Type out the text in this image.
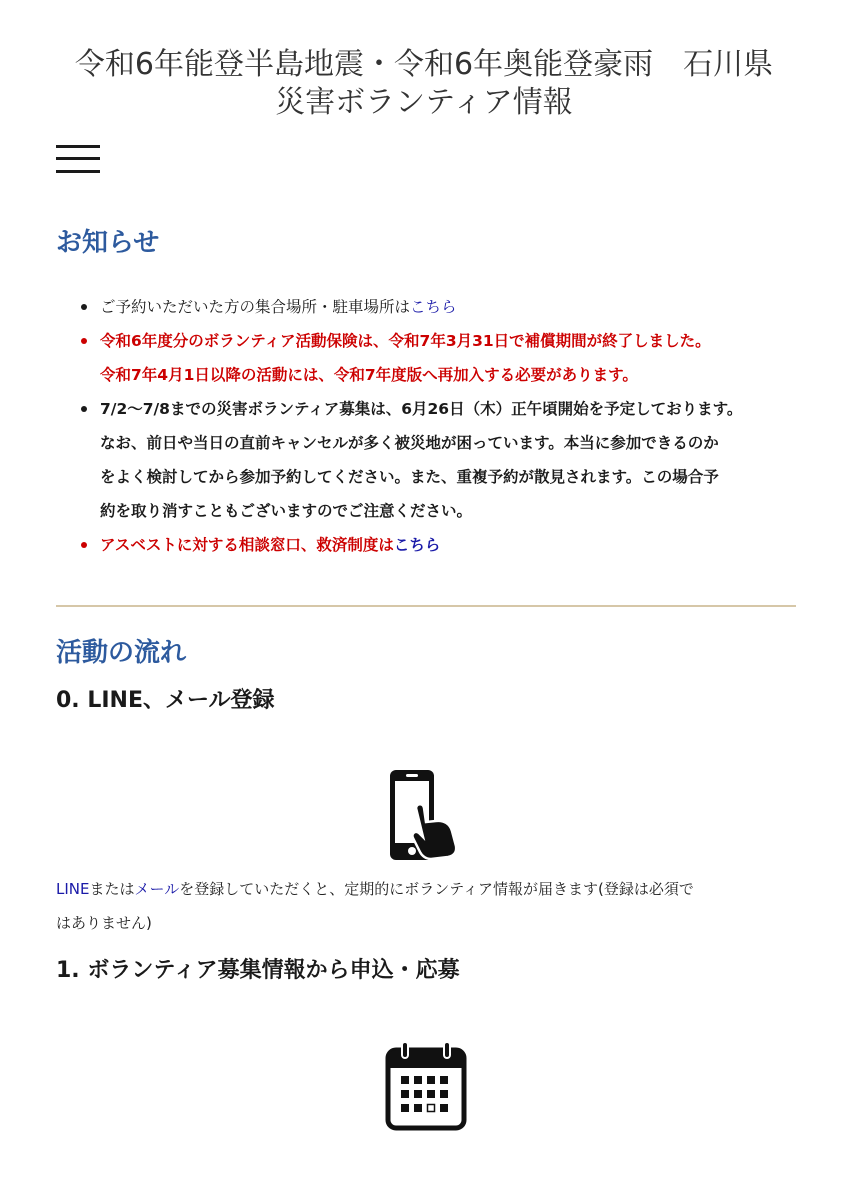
令和6年能登半島地震・令和6年奥能登豪雨　石川県
災害ボランティア情報
お知らせ
ご予約いただいた方の集合場所・駐車場所はこちら
令和6年度分のボランティア活動保険は、令和7年3月31日で補償期間が終了しました。
令和7年4月1日以降の活動には、令和7年度版へ再加入する必要があります。
7/2〜7/8までの災害ボランティア募集は、6月26日（木）正午頃開始を予定しております。
なお、前日や当日の直前キャンセルが多く被災地が困っています。本当に参加できるのか
をよく検討してから参加予約してください。また、重複予約が散見されます。この場合予
約を取り消すこともございますのでご注意ください。
アスベストに対する相談窓口、救済制度はこちら
活動の流れ
0. LINE、メール登録

LINEまたはメールを登録していただくと、定期的にボランティア情報が届きます(登録は必須で
はありません)

1. ボランティア募集情報から申込・応募
